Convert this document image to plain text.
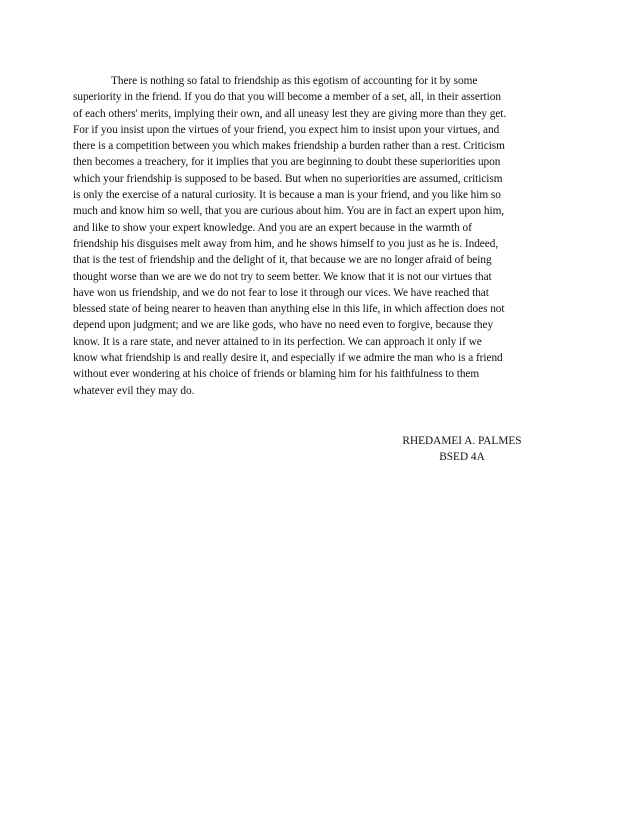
There is nothing so fatal to friendship as this egotism of accounting for it by some
superiority in the friend. If you do that you will become a member of a set, all, in their assertion
of each others' merits, implying their own, and all uneasy lest they are giving more than they get.
For if you insist upon the virtues of your friend, you expect him to insist upon your virtues, and
there is a competition between you which makes friendship a burden rather than a rest. Criticism
then becomes a treachery, for it implies that you are beginning to doubt these superiorities upon
which your friendship is supposed to be based. But when no superiorities are assumed, criticism
is only the exercise of a natural curiosity. It is because a man is your friend, and you like him so
much and know him so well, that you are curious about him. You are in fact an expert upon him,
and like to show your expert knowledge. And you are an expert because in the warmth of
friendship his disguises melt away from him, and he shows himself to you just as he is. Indeed,
that is the test of friendship and the delight of it, that because we are no longer afraid of being
thought worse than we are we do not try to seem better. We know that it is not our virtues that
have won us friendship, and we do not fear to lose it through our vices. We have reached that
blessed state of being nearer to heaven than anything else in this life, in which affection does not
depend upon judgment; and we are like gods, who have no need even to forgive, because they
know. It is a rare state, and never attained to in its perfection. We can approach it only if we
know what friendship is and really desire it, and especially if we admire the man who is a friend
without ever wondering at his choice of friends or blaming him for his faithfulness to them
whatever evil they may do.
RHEDAMEI A. PALMES
BSED 4A
